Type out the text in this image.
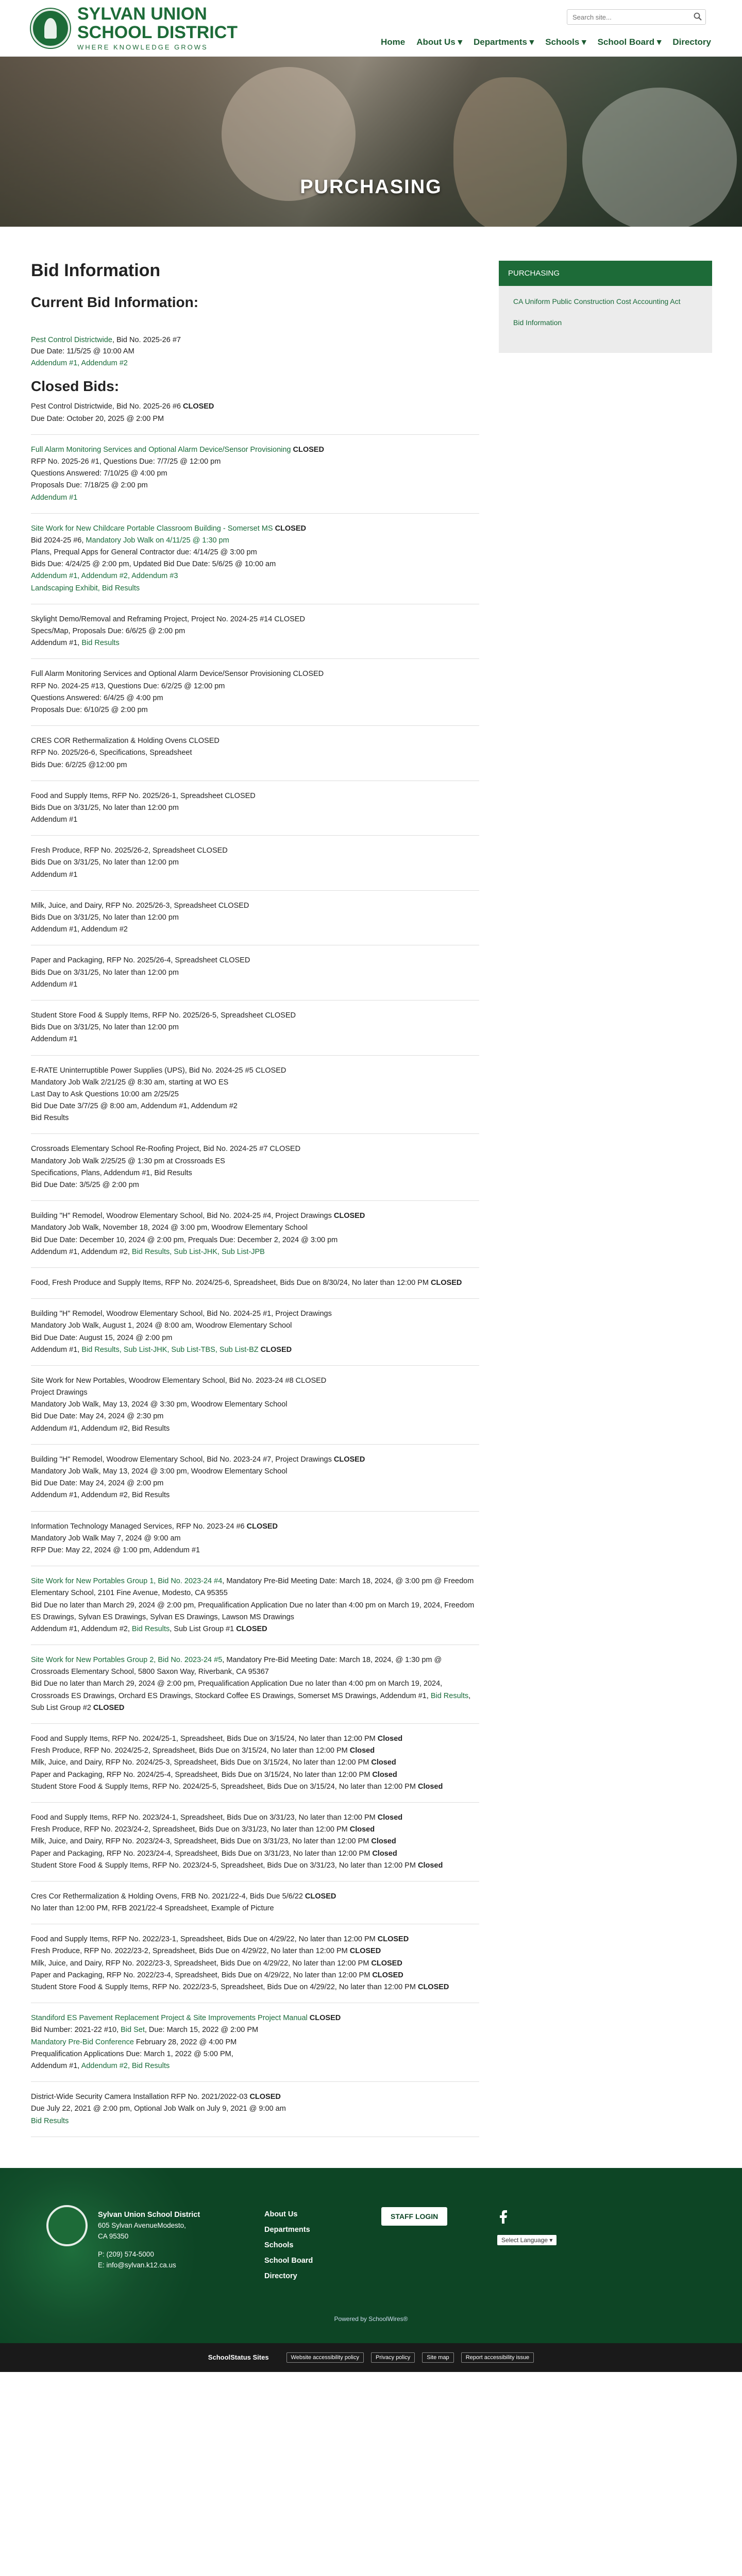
SYLVAN UNION
SCHOOL DISTRICT
WHERE KNOWLEDGE GROWS
Search site...
Home About Us ▾ Departments ▾ Schools ▾ School Board ▾ Directory
PURCHASING
Bid Information
Current Bid Information:
Pest Control Districtwide, Bid No. 2025-26 #7
Due Date: 11/5/25 @ 10:00 AM
Addendum #1, Addendum #2
Closed Bids:
Pest Control Districtwide, Bid No. 2025-26 #6 CLOSED
Due Date: October 20, 2025 @ 2:00 PM
Full Alarm Monitoring Services and Optional Alarm Device/Sensor Provisioning CLOSED
RFP No. 2025-26 #1, Questions Due: 7/7/25 @ 12:00 pm
Questions Answered: 7/10/25 @ 4:00 pm
Proposals Due: 7/18/25 @ 2:00 pm
Addendum #1
Site Work for New Childcare Portable Classroom Building - Somerset MS CLOSED
Bid 2024-25 #6, Mandatory Job Walk on 4/11/25 @ 1:30 pm
Plans, Prequal Apps for General Contractor due: 4/14/25 @ 3:00 pm
Bids Due: 4/24/25 @ 2:00 pm, Updated Bid Due Date: 5/6/25 @ 10:00 am
Addendum #1, Addendum #2, Addendum #3
Landscaping Exhibit, Bid Results
Skylight Demo/Removal and Reframing Project, Project No. 2024-25 #14 CLOSED
Specs/Map, Proposals Due: 6/6/25 @ 2:00 pm
Addendum #1, Bid Results
Full Alarm Monitoring Services and Optional Alarm Device/Sensor Provisioning CLOSED
RFP No. 2024-25 #13, Questions Due: 6/2/25 @ 12:00 pm
Questions Answered: 6/4/25 @ 4:00 pm
Proposals Due: 6/10/25 @ 2:00 pm
CRES COR Rethermalization & Holding Ovens CLOSED
RFP No. 2025/26-6, Specifications, Spreadsheet
Bids Due: 6/2/25 @12:00 pm
Food and Supply Items, RFP No. 2025/26-1, Spreadsheet CLOSED
Bids Due on 3/31/25, No later than 12:00 pm
Addendum #1
Fresh Produce, RFP No. 2025/26-2, Spreadsheet CLOSED
Bids Due on 3/31/25, No later than 12:00 pm
Addendum #1
Milk, Juice, and Dairy, RFP No. 2025/26-3, Spreadsheet CLOSED
Bids Due on 3/31/25, No later than 12:00 pm
Addendum #1, Addendum #2
Paper and Packaging, RFP No. 2025/26-4, Spreadsheet CLOSED
Bids Due on 3/31/25, No later than 12:00 pm
Addendum #1
Student Store Food & Supply Items, RFP No. 2025/26-5, Spreadsheet CLOSED
Bids Due on 3/31/25, No later than 12:00 pm
Addendum #1
E-RATE Uninterruptible Power Supplies (UPS), Bid No. 2024-25 #5 CLOSED
Mandatory Job Walk 2/21/25 @ 8:30 am, starting at WO ES
Last Day to Ask Questions 10:00 am 2/25/25
Bid Due Date 3/7/25 @ 8:00 am, Addendum #1, Addendum #2
Bid Results
Crossroads Elementary School Re-Roofing Project, Bid No. 2024-25 #7 CLOSED
Mandatory Job Walk 2/25/25 @ 1:30 pm at Crossroads ES
Specifications, Plans, Addendum #1, Bid Results
Bid Due Date: 3/5/25 @ 2:00 pm
Building "H" Remodel, Woodrow Elementary School, Bid No. 2024-25 #4, Project Drawings CLOSED
Mandatory Job Walk, November 18, 2024 @ 3:00 pm, Woodrow Elementary School
Bid Due Date: December 10, 2024 @ 2:00 pm, Prequals Due: December 2, 2024 @ 3:00 pm
Addendum #1, Addendum #2, Bid Results, Sub List-JHK, Sub List-JPB
Food, Fresh Produce and Supply Items, RFP No. 2024/25-6, Spreadsheet, Bids Due on 8/30/24, No later than 12:00 PM CLOSED
Building "H" Remodel, Woodrow Elementary School, Bid No. 2024-25 #1, Project Drawings
Mandatory Job Walk, August 1, 2024 @ 8:00 am, Woodrow Elementary School
Bid Due Date: August 15, 2024 @ 2:00 pm
Addendum #1, Bid Results, Sub List-JHK, Sub List-TBS, Sub List-BZ CLOSED
Site Work for New Portables, Woodrow Elementary School, Bid No. 2023-24 #8 CLOSED
Project Drawings
Mandatory Job Walk, May 13, 2024 @ 3:30 pm, Woodrow Elementary School
Bid Due Date: May 24, 2024 @ 2:30 pm
Addendum #1, Addendum #2, Bid Results
Building "H" Remodel, Woodrow Elementary School, Bid No. 2023-24 #7, Project Drawings CLOSED
Mandatory Job Walk, May 13, 2024 @ 3:00 pm, Woodrow Elementary School
Bid Due Date: May 24, 2024 @ 2:00 pm
Addendum #1, Addendum #2, Bid Results
Information Technology Managed Services, RFP No. 2023-24 #6 CLOSED
Mandatory Job Walk May 7, 2024 @ 9:00 am
RFP Due: May 22, 2024 @ 1:00 pm, Addendum #1
Site Work for New Portables Group 1, Bid No. 2023-24 #4, Mandatory Pre-Bid Meeting Date: March 18, 2024, @ 3:00 pm @ Freedom Elementary School, 2101 Fine Avenue, Modesto, CA 95355
Bid Due no later than March 29, 2024 @ 2:00 pm, Prequalification Application Due no later than 4:00 pm on March 19, 2024, Freedom ES Drawings, Sylvan ES Drawings, Sylvan ES Drawings, Lawson MS Drawings
Addendum #1, Addendum #2, Bid Results, Sub List Group #1 CLOSED
Site Work for New Portables Group 2, Bid No. 2023-24 #5, Mandatory Pre-Bid Meeting Date: March 18, 2024, @ 1:30 pm @ Crossroads Elementary School, 5800 Saxon Way, Riverbank, CA 95367
Bid Due no later than March 29, 2024 @ 2:00 pm, Prequalification Application Due no later than 4:00 pm on March 19, 2024, Crossroads ES Drawings, Orchard ES Drawings, Stockard Coffee ES Drawings, Somerset MS Drawings, Addendum #1, Bid Results, Sub List Group #2 CLOSED
Food and Supply Items, RFP No. 2024/25-1, Spreadsheet, Bids Due on 3/15/24, No later than 12:00 PM Closed
Fresh Produce, RFP No. 2024/25-2, Spreadsheet, Bids Due on 3/15/24, No later than 12:00 PM Closed
Milk, Juice, and Dairy, RFP No. 2024/25-3, Spreadsheet, Bids Due on 3/15/24, No later than 12:00 PM Closed
Paper and Packaging, RFP No. 2024/25-4, Spreadsheet, Bids Due on 3/15/24, No later than 12:00 PM Closed
Student Store Food & Supply Items, RFP No. 2024/25-5, Spreadsheet, Bids Due on 3/15/24, No later than 12:00 PM Closed
Food and Supply Items, RFP No. 2023/24-1, Spreadsheet, Bids Due on 3/31/23, No later than 12:00 PM Closed
Fresh Produce, RFP No. 2023/24-2, Spreadsheet, Bids Due on 3/31/23, No later than 12:00 PM Closed
Milk, Juice, and Dairy, RFP No. 2023/24-3, Spreadsheet, Bids Due on 3/31/23, No later than 12:00 PM Closed
Paper and Packaging, RFP No. 2023/24-4, Spreadsheet, Bids Due on 3/31/23, No later than 12:00 PM Closed
Student Store Food & Supply Items, RFP No. 2023/24-5, Spreadsheet, Bids Due on 3/31/23, No later than 12:00 PM Closed
Cres Cor Rethermalization & Holding Ovens, FRB No. 2021/22-4, Bids Due 5/6/22 CLOSED
No later than 12:00 PM, RFB 2021/22-4 Spreadsheet, Example of Picture
Food and Supply Items, RFP No. 2022/23-1, Spreadsheet, Bids Due on 4/29/22, No later than 12:00 PM CLOSED
Fresh Produce, RFP No. 2022/23-2, Spreadsheet, Bids Due on 4/29/22, No later than 12:00 PM CLOSED
Milk, Juice, and Dairy, RFP No. 2022/23-3, Spreadsheet, Bids Due on 4/29/22, No later than 12:00 PM CLOSED
Paper and Packaging, RFP No. 2022/23-4, Spreadsheet, Bids Due on 4/29/22, No later than 12:00 PM CLOSED
Student Store Food & Supply Items, RFP No. 2022/23-5, Spreadsheet, Bids Due on 4/29/22, No later than 12:00 PM CLOSED
Standiford ES Pavement Replacement Project & Site Improvements Project Manual CLOSED
Bid Number: 2021-22 #10, Bid Set, Due: March 15, 2022 @ 2:00 PM
Mandatory Pre-Bid Conference February 28, 2022 @ 4:00 PM
Prequalification Applications Due: March 1, 2022 @ 5:00 PM,
Addendum #1, Addendum #2, Bid Results
District-Wide Security Camera Installation RFP No. 2021/2022-03 CLOSED
Due July 22, 2021 @ 2:00 pm, Optional Job Walk on July 9, 2021 @ 9:00 am
Bid Results
PURCHASING
CA Uniform Public Construction Cost Accounting Act
Bid Information
Sylvan Union School District
605 Sylvan AvenueModesto,
CA 95350
P: (209) 574-5000
E: info@sylvan.k12.ca.us
About Us
Departments
Schools
School Board
Directory
STAFF LOGIN
Select Language ▾
Powered by SchoolWires®
SchoolStatus Sites	Website accessibility policy	Privacy policy	Site map	Report accessibility issue
